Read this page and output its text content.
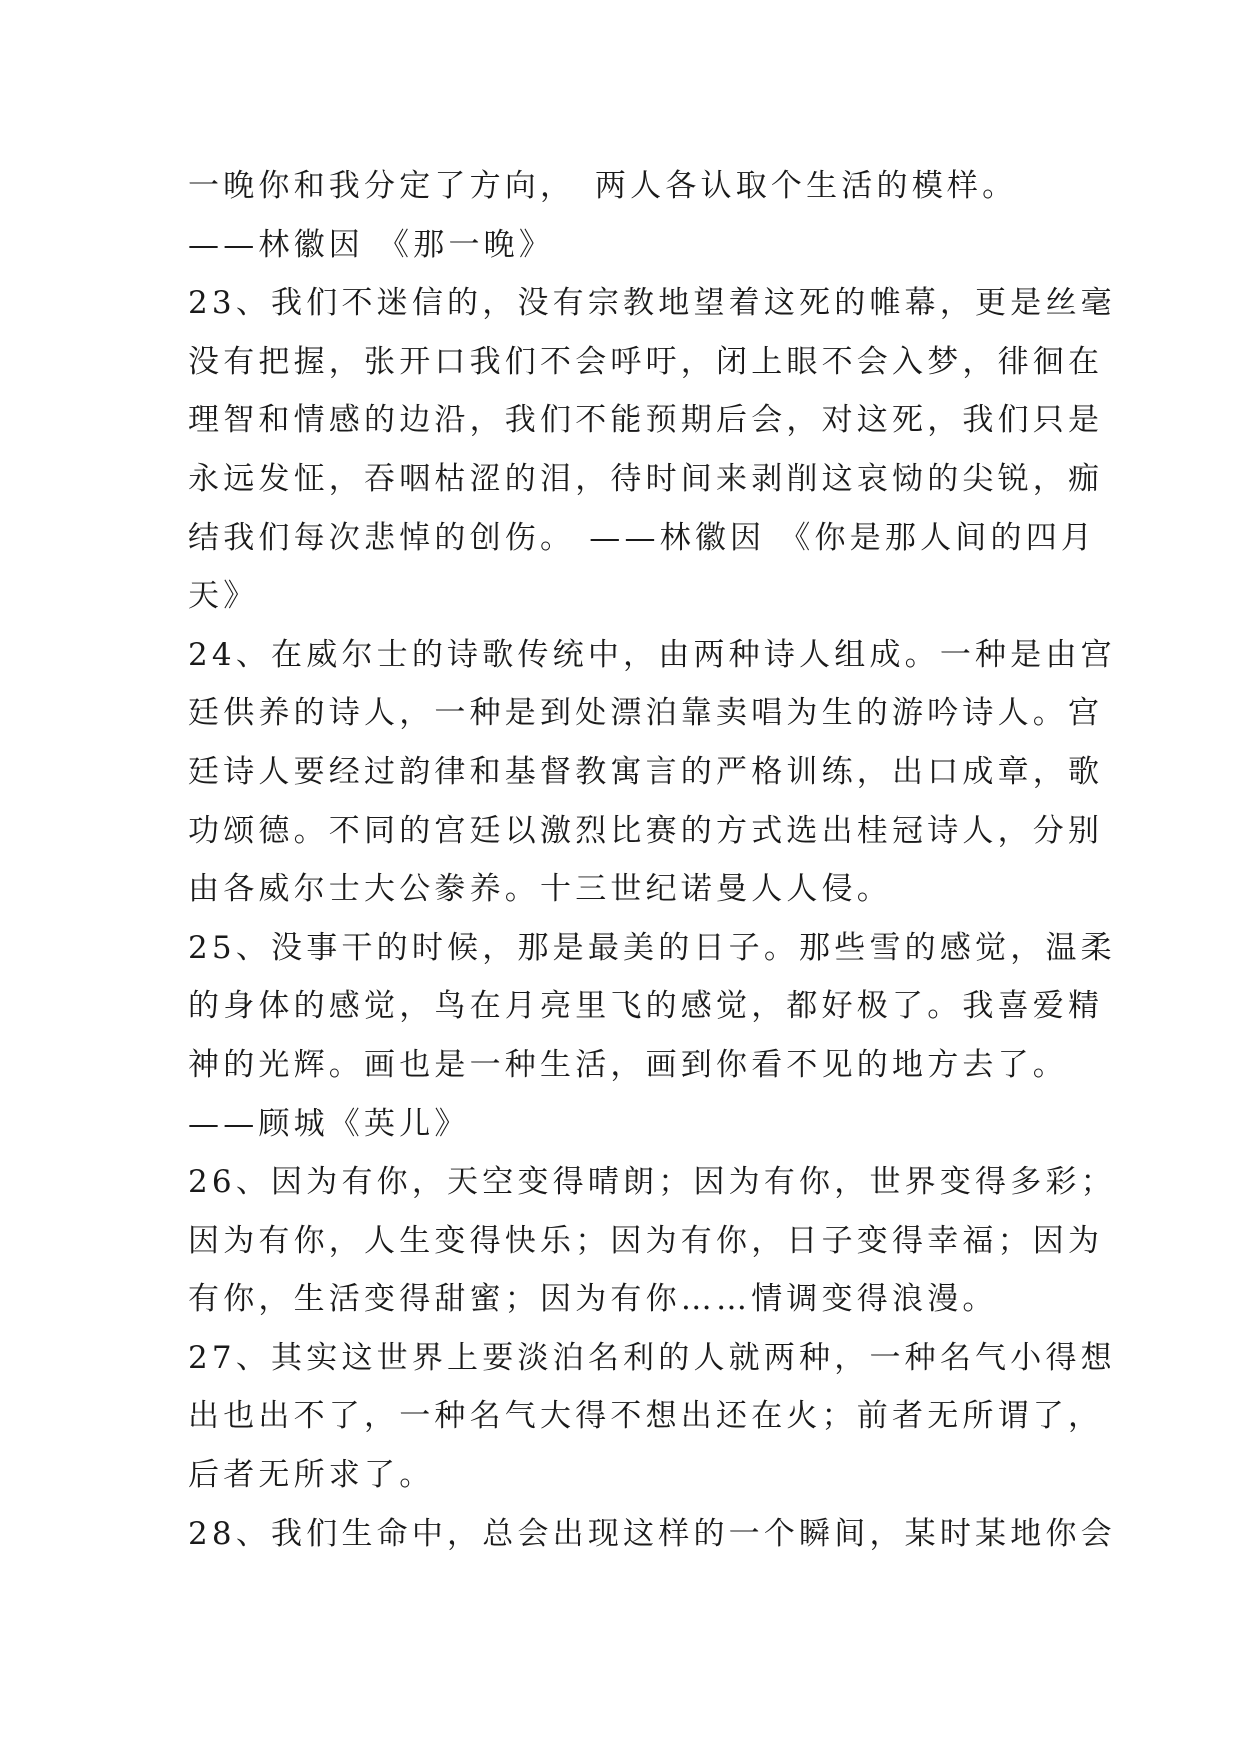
一晚你和我分定了方向，　两人各认取个生活的模样。
——林徽因 《那一晚》
23、我们不迷信的，没有宗教地望着这死的帷幕，更是丝毫
没有把握，张开口我们不会呼吁，闭上眼不会入梦，徘徊在
理智和情感的边沿，我们不能预期后会，对这死，我们只是
永远发怔，吞咽枯涩的泪，待时间来剥削这哀恸的尖锐，痂
结我们每次悲悼的创伤。 ——林徽因 《你是那人间的四月
天》
24、在威尔士的诗歌传统中，由两种诗人组成。一种是由宫
廷供养的诗人，一种是到处漂泊靠卖唱为生的游吟诗人。宫
廷诗人要经过韵律和基督教寓言的严格训练，出口成章，歌
功颂德。不同的宫廷以激烈比赛的方式选出桂冠诗人，分别
由各威尔士大公豢养。十三世纪诺曼人人侵。
25、没事干的时候，那是最美的日子。那些雪的感觉，温柔
的身体的感觉，鸟在月亮里飞的感觉，都好极了。我喜爱精
神的光辉。画也是一种生活，画到你看不见的地方去了。
——顾城《英儿》
26、因为有你，天空变得晴朗；因为有你，世界变得多彩；
因为有你，人生变得快乐；因为有你，日子变得幸福；因为
有你，生活变得甜蜜；因为有你……情调变得浪漫。
27、其实这世界上要淡泊名利的人就两种，一种名气小得想
出也出不了，一种名气大得不想出还在火；前者无所谓了，
后者无所求了。
28、我们生命中，总会出现这样的一个瞬间，某时某地你会
